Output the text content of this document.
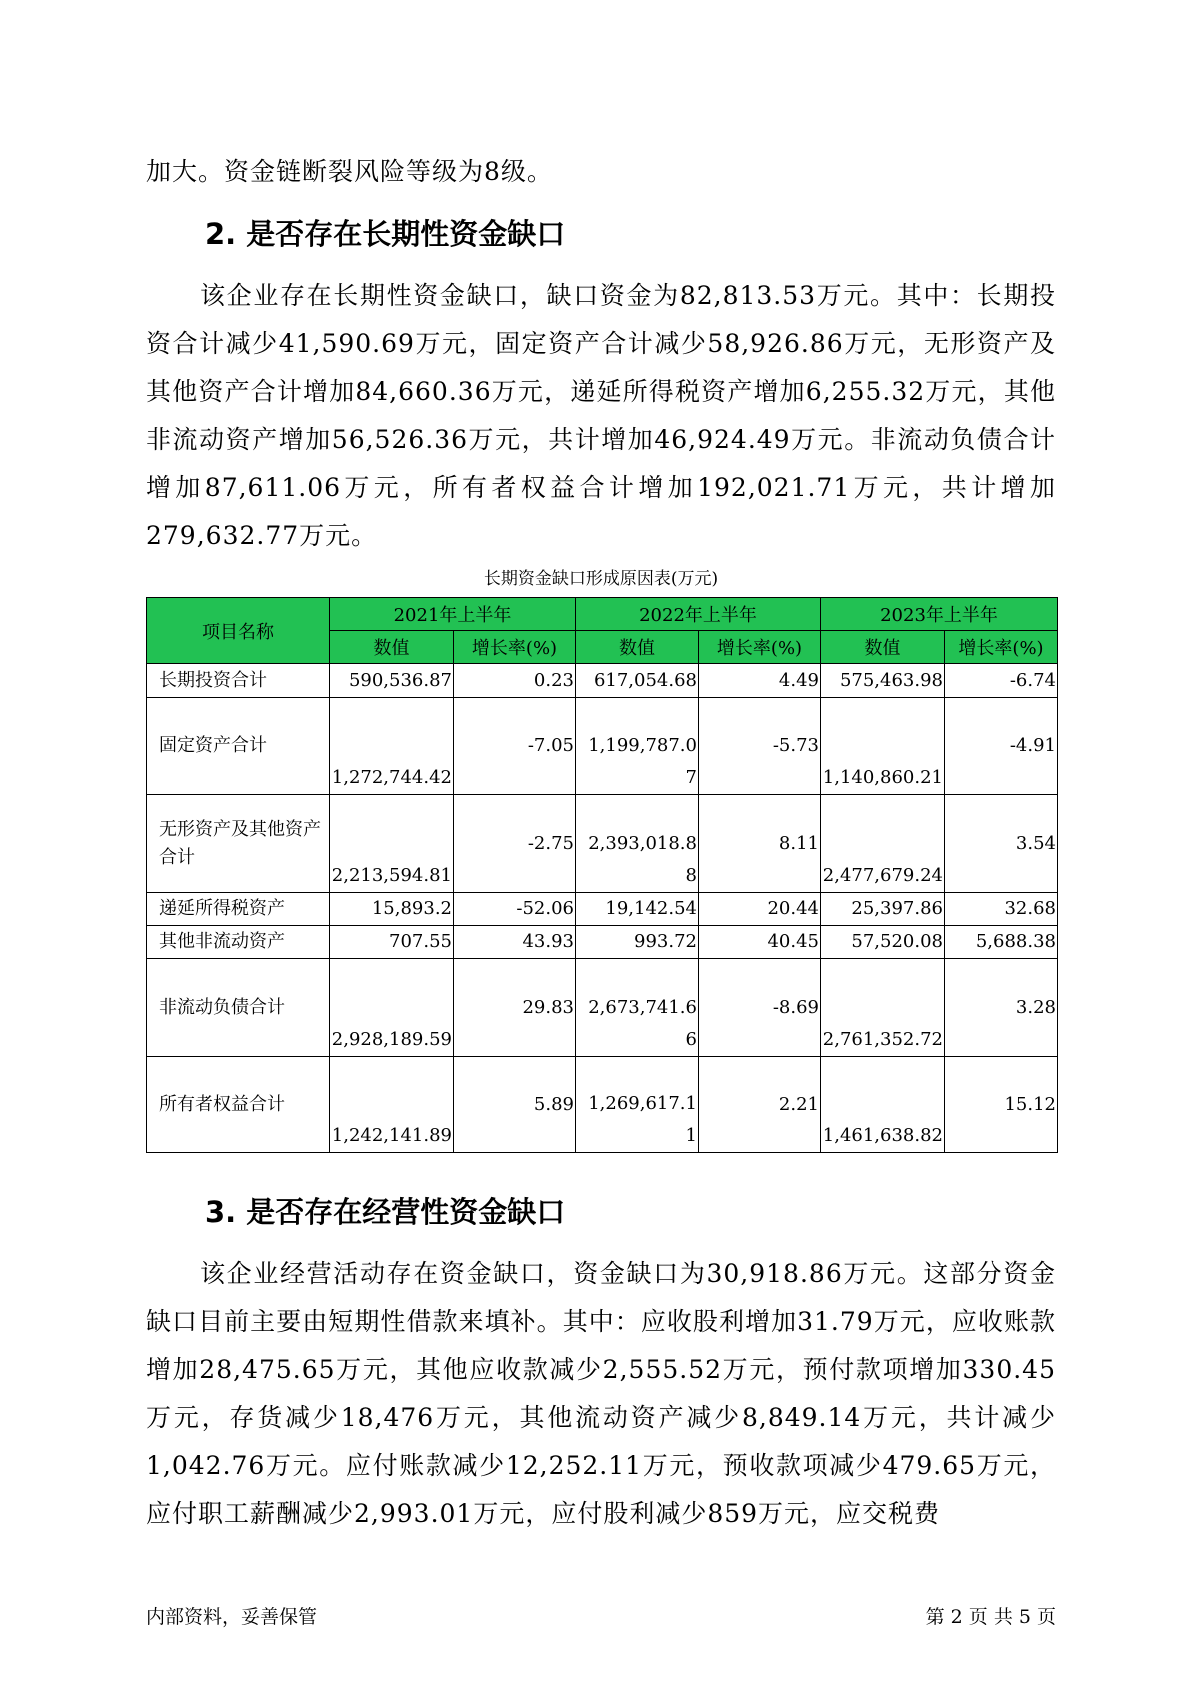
加大。资金链断裂风险等级为8级。

2. 是否存在长期性资金缺口

该企业存在长期性资金缺口，缺口资金为82,813.53万元。其中：长期投资合计减少41,590.69万元，固定资产合计减少58,926.86万元，无形资产及其他资产合计增加84,660.36万元，递延所得税资产增加6,255.32万元，其他非流动资产增加56,526.36万元，共计增加46,924.49万元。非流动负债合计增加87,611.06万元，所有者权益合计增加192,021.71万元，共计增加279,632.77万元。

长期资金缺口形成原因表(万元)

项目名称	2021年上半年		2022年上半年		2023年上半年	
	数值	增长率(%)	数值	增长率(%)	数值	增长率(%)
长期投资合计	590,536.87	0.23	617,054.68	4.49	575,463.98	-6.74
固定资产合计	1,272,744.42	-7.05	1,199,787.07	-5.73	1,140,860.21	-4.91
无形资产及其他资产合计	2,213,594.81	-2.75	2,393,018.88	8.11	2,477,679.24	3.54
递延所得税资产	15,893.2	-52.06	19,142.54	20.44	25,397.86	32.68
其他非流动资产	707.55	43.93	993.72	40.45	57,520.08	5,688.38
非流动负债合计	2,928,189.59	29.83	2,673,741.66	-8.69	2,761,352.72	3.28
所有者权益合计	1,242,141.89	5.89	1,269,617.11	2.21	1,461,638.82	15.12
3. 是否存在经营性资金缺口

该企业经营活动存在资金缺口，资金缺口为30,918.86万元。这部分资金缺口目前主要由短期性借款来填补。其中：应收股利增加31.79万元，应收账款增加28,475.65万元，其他应收款减少2,555.52万元，预付款项增加330.45万元，存货减少18,476万元，其他流动资产减少8,849.14万元，共计减少1,042.76万元。应付账款减少12,252.11万元，预收款项减少479.65万元，应付职工薪酬减少2,993.01万元，应付股利减少859万元，应交税费

内部资料，妥善保管	第 2 页 共 5 页
